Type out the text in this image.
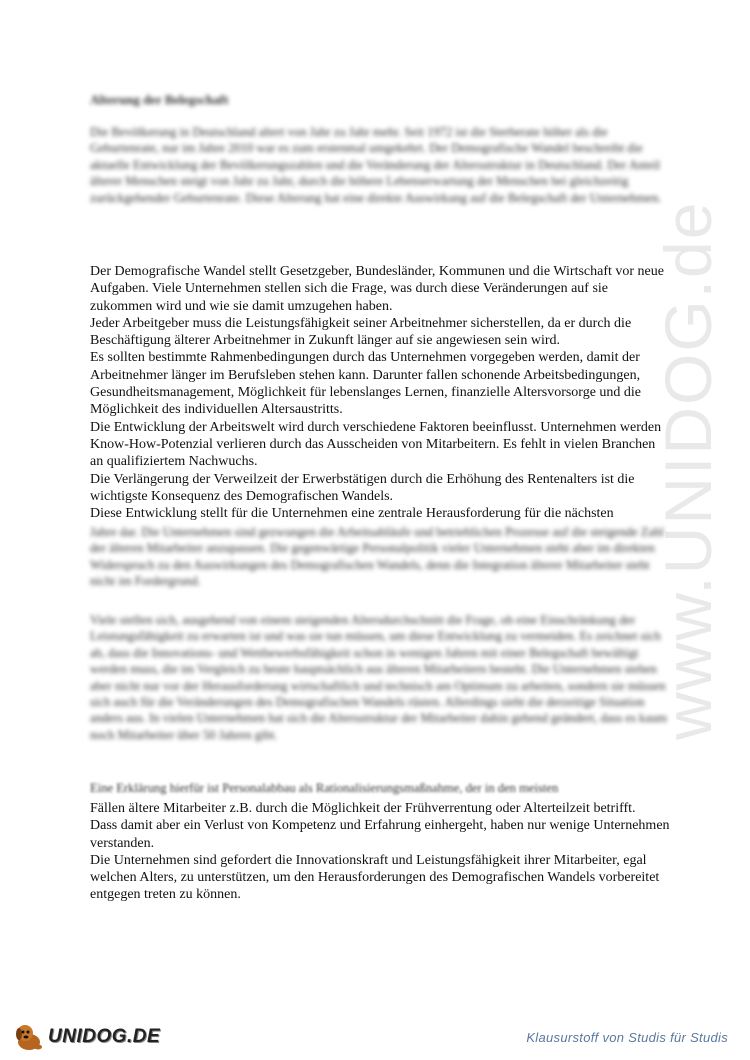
www.UNIDOG.de
Alterung der Belegschaft
Die Bevölkerung in Deutschland altert von Jahr zu Jahr mehr. Seit 1972 ist die Sterberate höher als die Geburtenrate, nur im Jahre 2010 war es zum erstenmal umgekehrt. Der Demografische Wandel beschreibt die aktuelle Entwicklung der Bevölkerungszahlen und die Veränderung der Altersstruktur in Deutschland. Der Anteil älterer Menschen steigt von Jahr zu Jahr, durch die höhere Lebenserwartung der Menschen bei gleichzeitig zurückgehender Geburtenrate. Diese Alterung hat eine direkte Auswirkung auf die Belegschaft der Unternehmen.

Der Demografische Wandel stellt Gesetzgeber, Bundesländer, Kommunen und die Wirtschaft vor neue Aufgaben. Viele Unternehmen stellen sich die Frage, was durch diese Veränderungen auf sie zukommen wird und wie sie damit umzugehen haben.

Jeder Arbeitgeber muss die Leistungsfähigkeit seiner Arbeitnehmer sicherstellen, da er durch die Beschäftigung älterer Arbeitnehmer in Zukunft länger auf sie angewiesen sein wird.

Es sollten bestimmte Rahmenbedingungen durch das Unternehmen vorgegeben werden, damit der Arbeitnehmer länger im Berufsleben stehen kann. Darunter fallen schonende Arbeitsbedingungen, Gesundheitsmanagement, Möglichkeit für lebenslanges Lernen, finanzielle Altersvorsorge und die Möglichkeit des individuellen Altersaustritts.

Die Entwicklung der Arbeitswelt wird durch verschiedene Faktoren beeinflusst. Unternehmen werden Know-How-Potenzial verlieren durch das Ausscheiden von Mitarbeitern. Es fehlt in vielen Branchen an qualifiziertem Nachwuchs.

Die Verlängerung der Verweilzeit der Erwerbstätigen durch die Erhöhung des Rentenalters ist die wichtigste Konsequenz des Demografischen Wandels.

Diese Entwicklung stellt für die Unternehmen eine zentrale Herausforderung für die nächsten

Jahre dar. Die Unternehmen sind gezwungen die Arbeitsabläufe und betrieblichen Prozesse auf die steigende Zahl der älteren Mitarbeiter anzupassen. Die gegenwärtige Personalpolitik vieler Unternehmen steht aber im direkten Widerspruch zu den Auswirkungen des Demografischen Wandels, denn die Integration älterer Mitarbeiter steht nicht im Fordergrund.
Viele stellen sich, ausgehend von einem steigenden Altersdurchschnitt die Frage, ob eine Einschränkung der Leistungsfähigkeit zu erwarten ist und was sie tun müssen, um diese Entwicklung zu vermeiden. Es zeichnet sich ab, dass die Innovations- und Wettbewerbsfähigkeit schon in wenigen Jahren mit einer Belegschaft bewältigt werden muss, die im Vergleich zu heute hauptsächlich aus älteren Mitarbeitern besteht. Die Unternehmen stehen aber nicht nur vor der Herausforderung wirtschaftlich und technisch am Optimum zu arbeiten, sondern sie müssen sich auch für die Veränderungen des Demografischen Wandels rüsten. Allerdings sieht die derzeitige Situation anders aus. In vielen Unternehmen hat sich die Altersstruktur der Mitarbeiter dahin gehend geändert, dass es kaum noch Mitarbeiter über 50 Jahren gibt.
Eine Erklärung hierfür ist Personalabbau als Rationalisierungsmaßnahme, der in den meisten

Fällen ältere Mitarbeiter z.B. durch die Möglichkeit der Frühverrentung oder Alterteilzeit betrifft.

Dass damit aber ein Verlust von Kompetenz und Erfahrung einhergeht, haben nur wenige Unternehmen verstanden.

Die Unternehmen sind gefordert die Innovationskraft und Leistungsfähigkeit ihrer Mitarbeiter, egal welchen Alters, zu unterstützen, um den Herausforderungen des Demografischen Wandels vorbereitet entgegen treten zu können.

UNIDOG.DE	Klausurstoff von Studis für Studis
